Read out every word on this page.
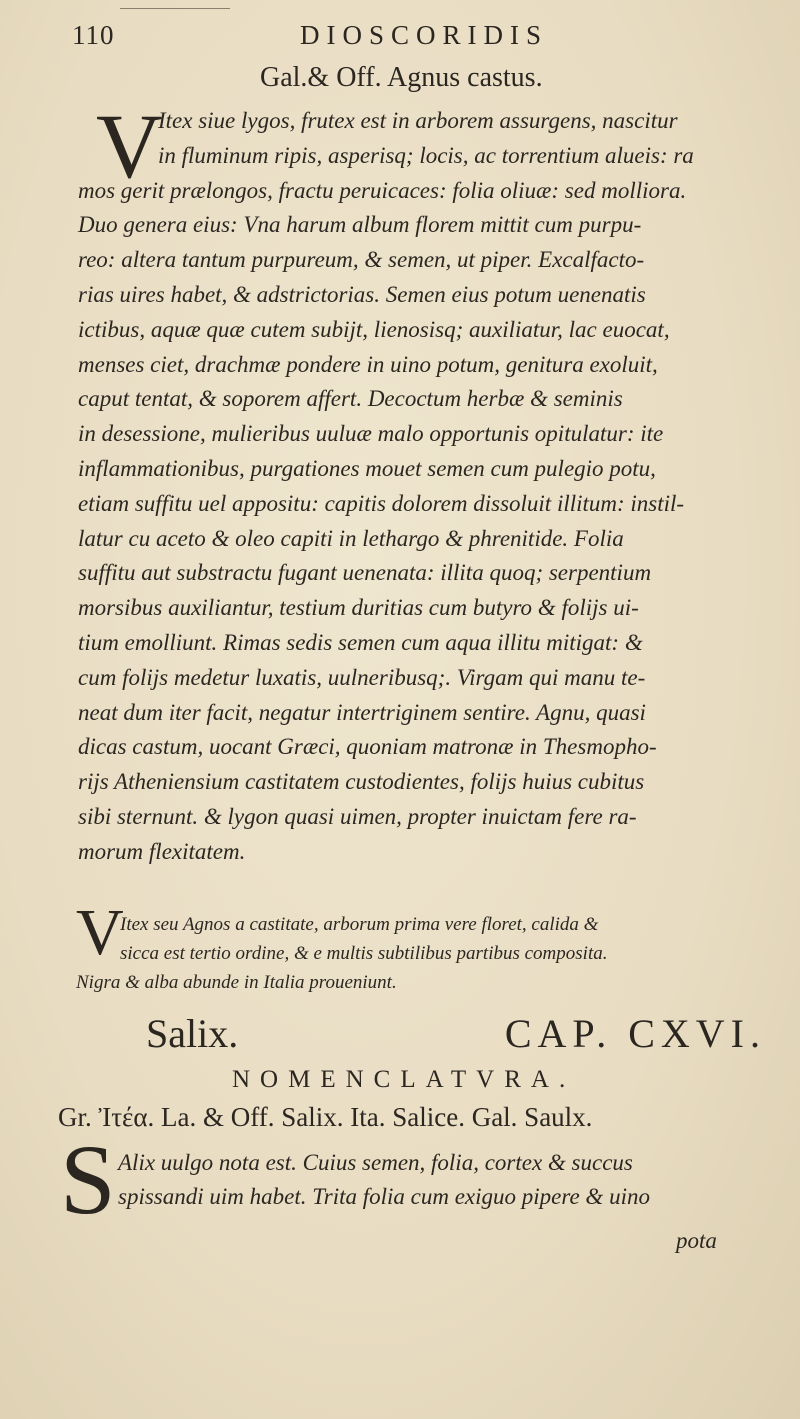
110	DIOSCORIDIS
Gal.& Off. Agnus castus.
V
Itex siue lygos, frutex est in arborem assurgens, nascitur
in fluminum ripis, asperisq; locis, ac torrentium alueis: ra
mos gerit prælongos, fractu peruicaces: folia oliuæ: sed molliora.
Duo genera eius: Vna harum album florem mittit cum purpu-
reo: altera tantum purpureum, & semen, ut piper. Excalfacto-
rias uires habet, & adstrictorias. Semen eius potum uenenatis
ictibus, aquæ quæ cutem subijt, lienosisq; auxiliatur, lac euocat,
menses ciet, drachmæ pondere in uino potum, genitura exoluit,
caput tentat, & soporem affert. Decoctum herbæ & seminis
in desessione, mulieribus uuluæ malo opportunis opitulatur: ite
inflammationibus, purgationes mouet semen cum pulegio potu,
etiam suffitu uel appositu: capitis dolorem dissoluit illitum: instil-
latur cu aceto & oleo capiti in lethargo & phrenitide. Folia
suffitu aut substractu fugant uenenata: illita quoq; serpentium
morsibus auxiliantur, testium duritias cum butyro & folijs ui-
tium emolliunt. Rimas sedis semen cum aqua illitu mitigat: &
cum folijs medetur luxatis, uulneribusq;. Virgam qui manu te-
neat dum iter facit, negatur intertriginem sentire. Agnu, quasi
dicas castum, uocant Græci, quoniam matronæ in Thesmopho-
rijs Atheniensium castitatem custodientes, folijs huius cubitus
sibi sternunt. & lygon quasi uimen, propter inuictam fere ra-
morum flexitatem.
V
Itex seu Agnos a castitate, arborum prima vere floret, calida &
sicca est tertio ordine, & e multis subtilibus partibus composita.
Nigra & alba abunde in Italia proueniunt.
Salix.	CAP. CXVI.
NOMENCLATVRA.
Gr. Ἰτέα. La. & Off. Salix. Ita. Salice. Gal. Saulx.
S Alix uulgo nota est. Cuius semen, folia, cortex & succus
spissandi uim habet. Trita folia cum exiguo pipere & uino
pota
